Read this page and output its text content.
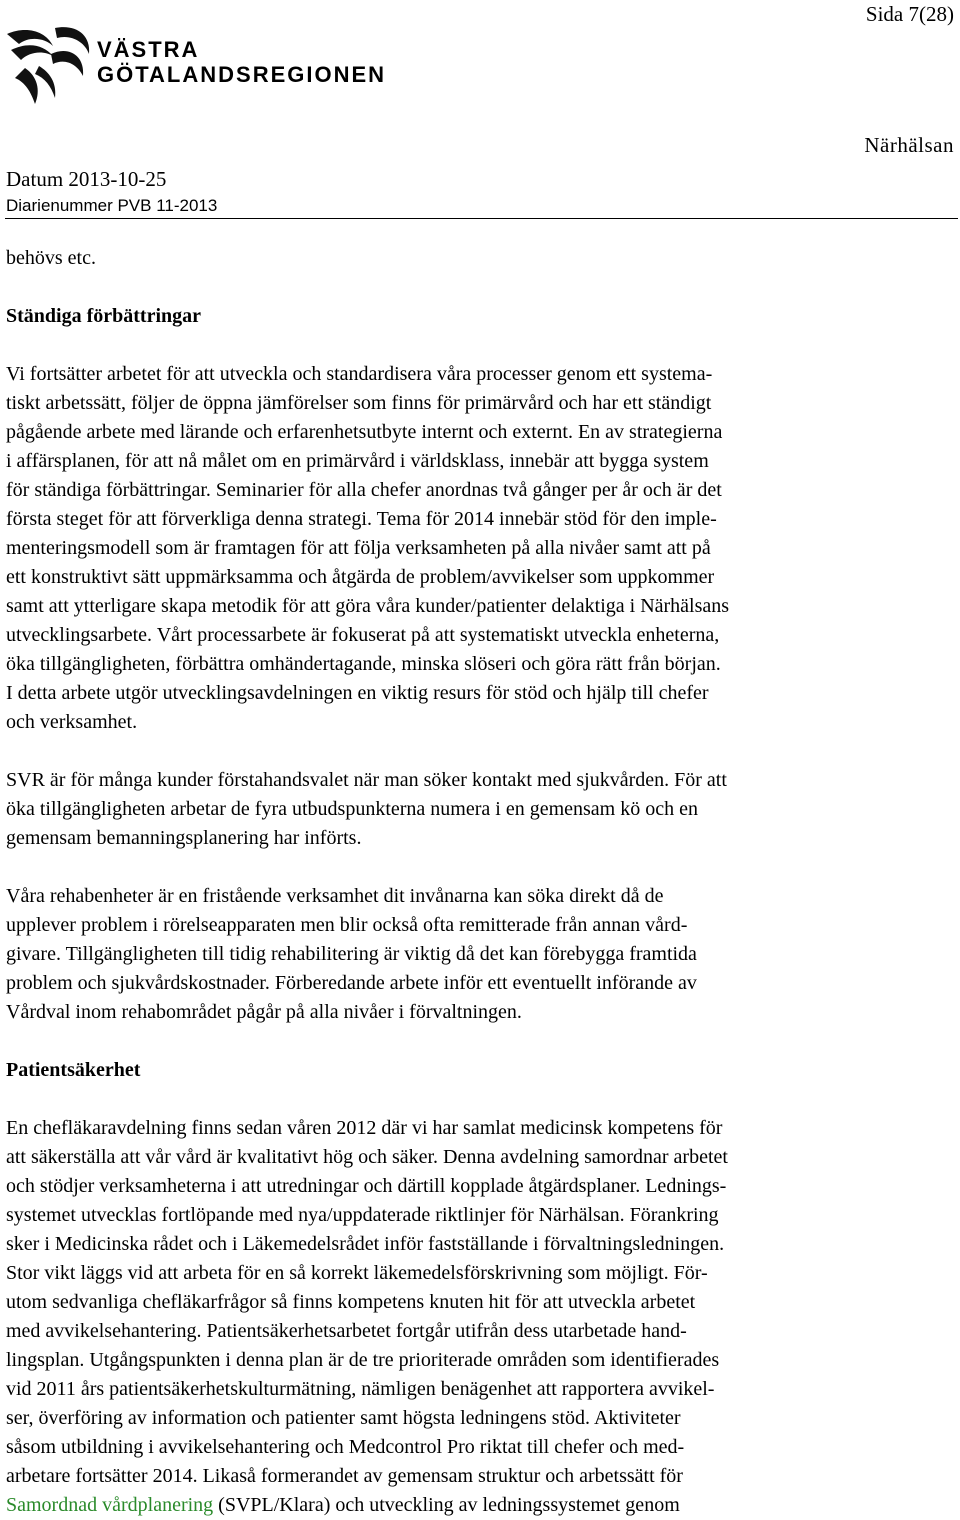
Sida 7(28)
VÄSTRA
GÖTALANDSREGIONEN
Närhälsan
Datum 2013-10-25
Diarienummer PVB 11-2013

behövs etc.

Ständiga förbättringar

Vi fortsätter arbetet för att utveckla och standardisera våra processer genom ett systema-

tiskt arbetssätt, följer de öppna jämförelser som finns för primärvård och har ett ständigt

pågående arbete med lärande och erfarenhetsutbyte internt och externt. En av strategierna

i affärsplanen, för att nå målet om en primärvård i världsklass, innebär att bygga system

för ständiga förbättringar. Seminarier för alla chefer anordnas två gånger per år och är det

första steget för att förverkliga denna strategi. Tema för 2014 innebär stöd för den imple-

menteringsmodell som är framtagen för att följa verksamheten på alla nivåer samt att på

ett konstruktivt sätt uppmärksamma och åtgärda de problem/avvikelser som uppkommer

samt att ytterligare skapa metodik för att göra våra kunder/patienter delaktiga i Närhälsans

utvecklingsarbete. Vårt processarbete är fokuserat på att systematiskt utveckla enheterna,

öka tillgängligheten, förbättra omhändertagande, minska slöseri och göra rätt från början.

I detta arbete utgör utvecklingsavdelningen en viktig resurs för stöd och hjälp till chefer

och verksamhet.

SVR är för många kunder förstahandsvalet när man söker kontakt med sjukvården. För att

öka tillgängligheten arbetar de fyra utbudspunkterna numera i en gemensam kö och en

gemensam bemanningsplanering har införts.

Våra rehabenheter är en fristående verksamhet dit invånarna kan söka direkt då de

upplever problem i rörelseapparaten men blir också ofta remitterade från annan vård-

givare. Tillgängligheten till tidig rehabilitering är viktig då det kan förebygga framtida

problem och sjukvårdskostnader. Förberedande arbete inför ett eventuellt införande av

Vårdval inom rehabområdet pågår på alla nivåer i förvaltningen.

Patientsäkerhet

En chefläkaravdelning finns sedan våren 2012 där vi har samlat medicinsk kompetens för

att säkerställa att vår vård är kvalitativt hög och säker. Denna avdelning samordnar arbetet

och stödjer verksamheterna i att utredningar och därtill kopplade åtgärdsplaner. Lednings-

systemet utvecklas fortlöpande med nya/uppdaterade riktlinjer för Närhälsan. Förankring

sker i Medicinska rådet och i Läkemedelsrådet inför fastställande i förvaltningsledningen.

Stor vikt läggs vid att arbeta för en så korrekt läkemedelsförskrivning som möjligt. För-

utom sedvanliga chefläkarfrågor så finns kompetens knuten hit för att utveckla arbetet

med avvikelsehantering. Patientsäkerhetsarbetet fortgår utifrån dess utarbetade hand-

lingsplan. Utgångspunkten i denna plan är de tre prioriterade områden som identifierades

vid 2011 års patientsäkerhetskulturmätning, nämligen benägenhet att rapportera avvikel-

ser, överföring av information och patienter samt högsta ledningens stöd. Aktiviteter

såsom utbildning i avvikelsehantering och Medcontrol Pro riktat till chefer och med-

arbetare fortsätter 2014. Likaså formerandet av gemensam struktur och arbetssätt för

Samordnad vårdplanering (SVPL/Klara) och utveckling av ledningssystemet genom
